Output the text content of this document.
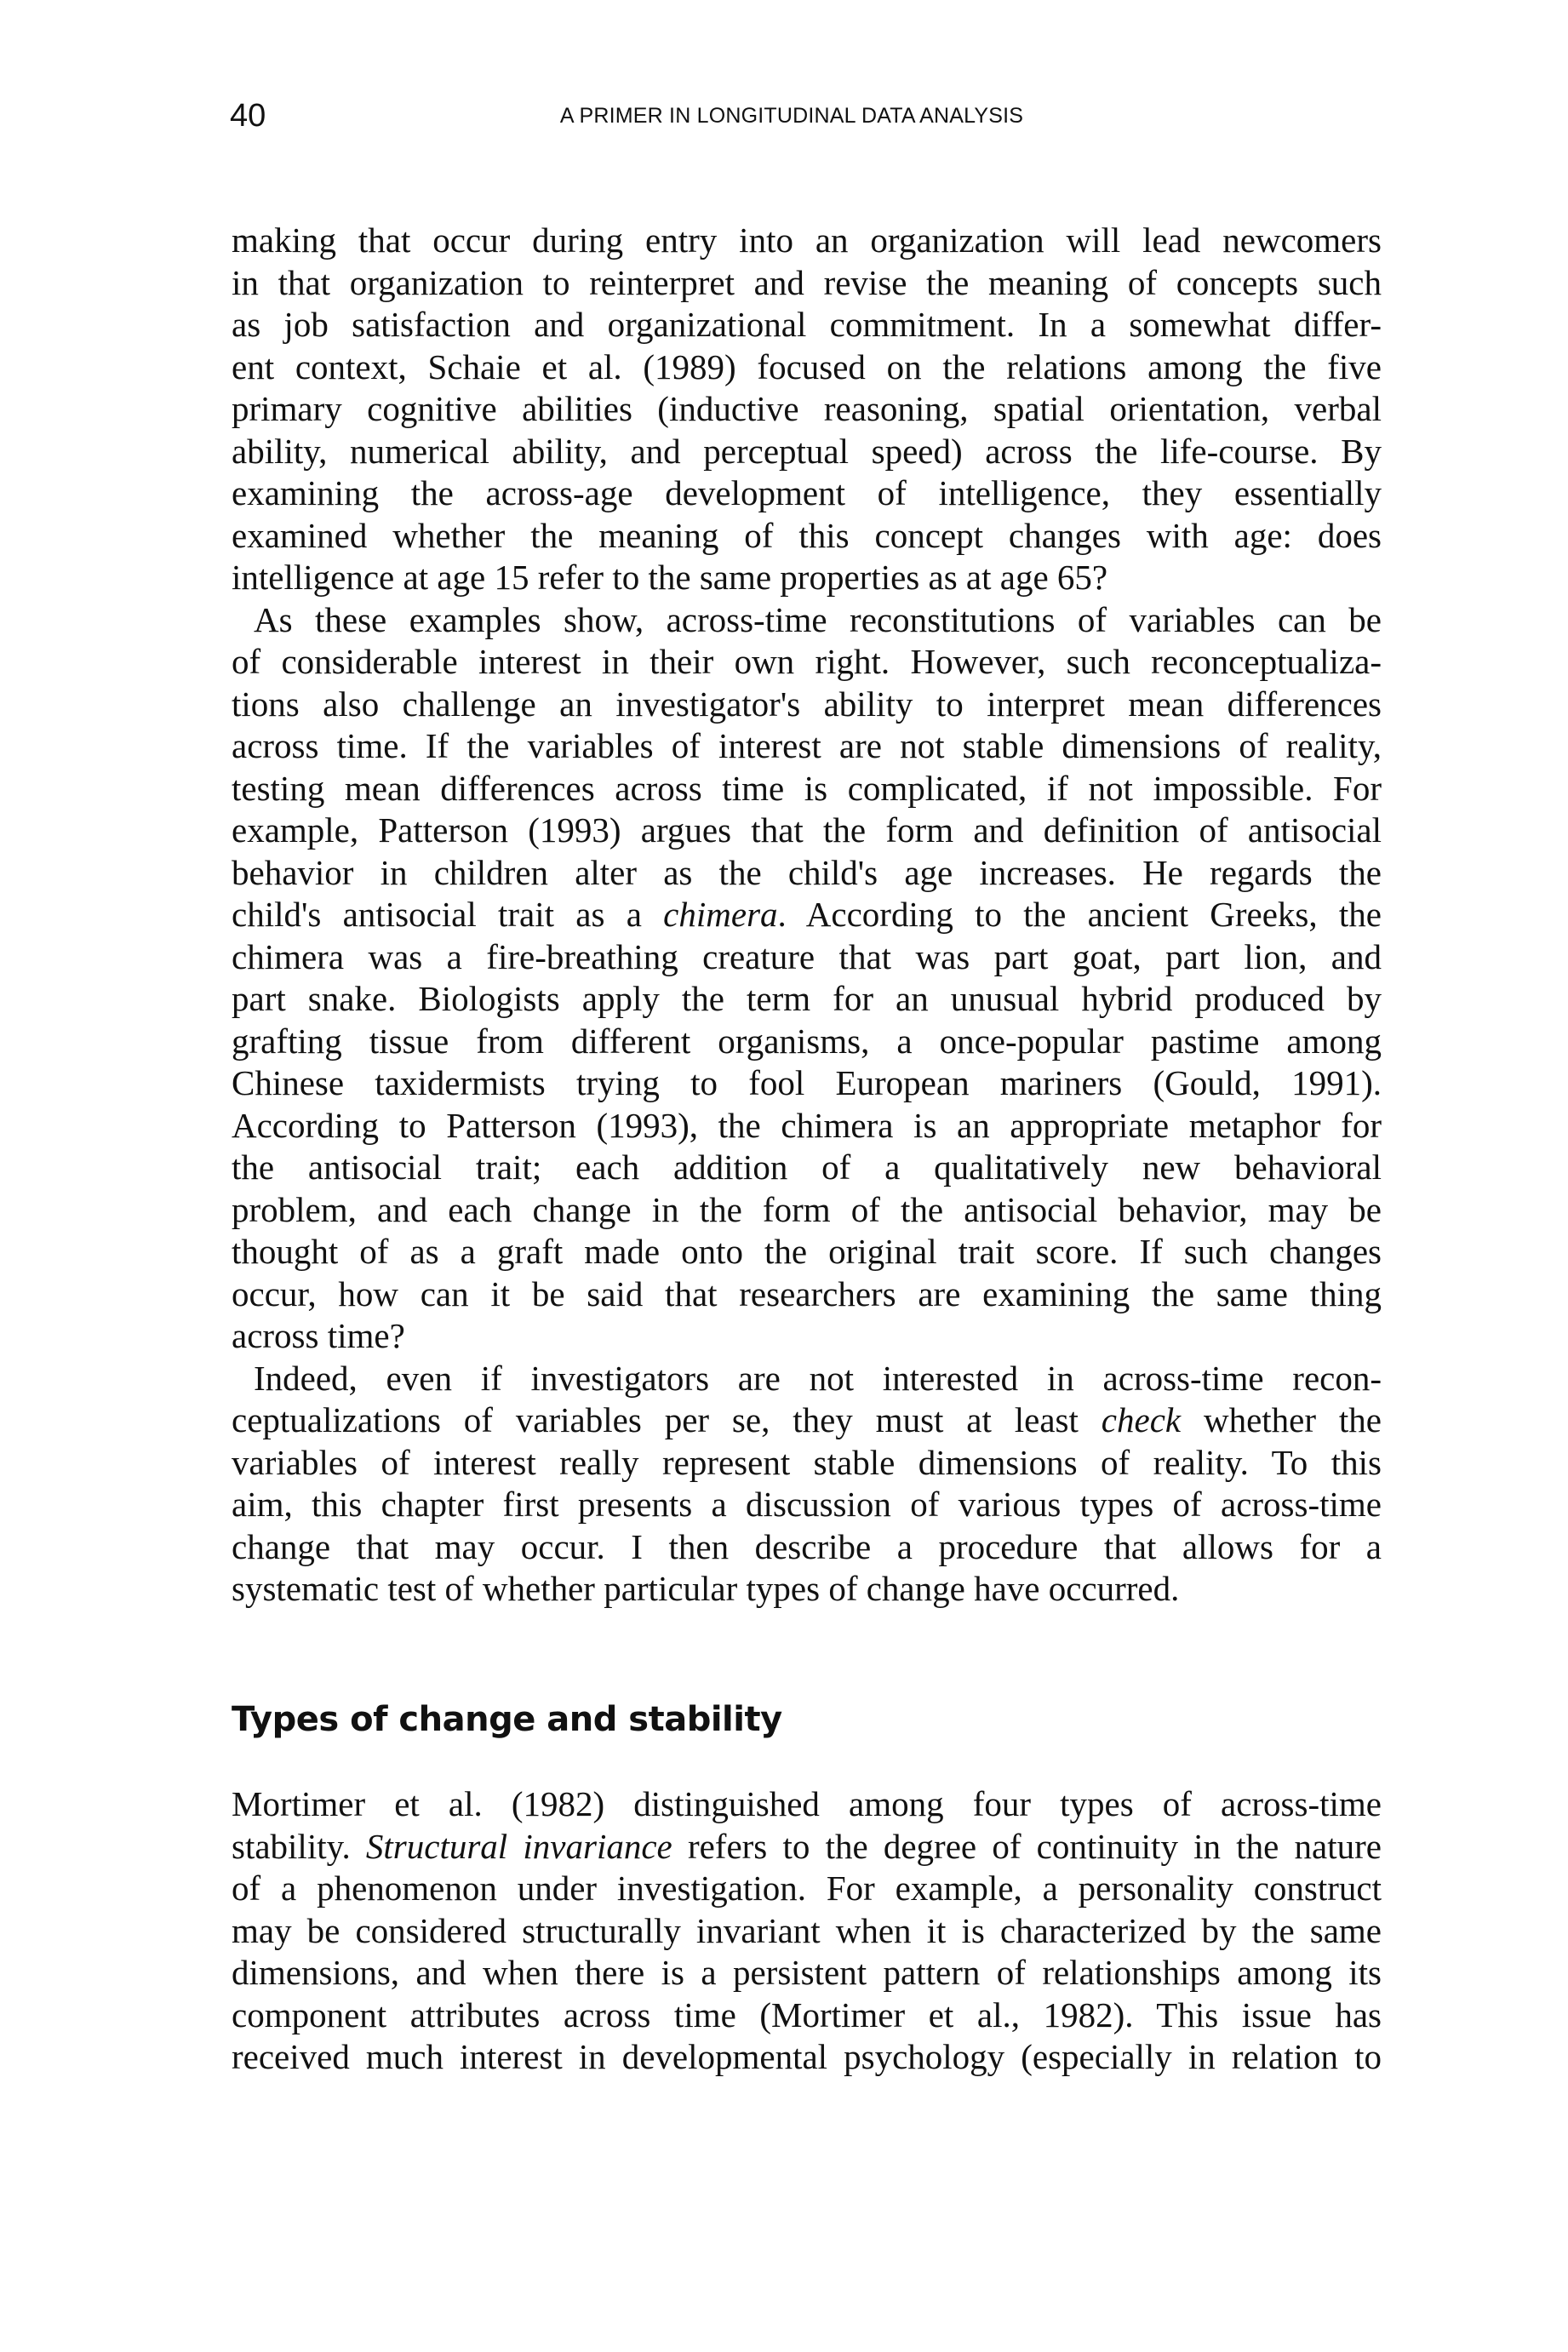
40	A PRIMER IN LONGITUDINAL DATA ANALYSIS
making that occur during entry into an organization will lead newcomers
in that organization to reinterpret and revise the meaning of concepts such
as job satisfaction and organizational commitment. In a somewhat differ-
ent context, Schaie et al. (1989) focused on the relations among the five
primary cognitive abilities (inductive reasoning, spatial orientation, verbal
ability, numerical ability, and perceptual speed) across the life-course. By
examining the across-age development of intelligence, they essentially
examined whether the meaning of this concept changes with age: does
intelligence at age 15 refer to the same properties as at age 65?
As these examples show, across-time reconstitutions of variables can be
of considerable interest in their own right. However, such reconceptualiza-
tions also challenge an investigator's ability to interpret mean differences
across time. If the variables of interest are not stable dimensions of reality,
testing mean differences across time is complicated, if not impossible. For
example, Patterson (1993) argues that the form and definition of antisocial
behavior in children alter as the child's age increases. He regards the
child's antisocial trait as a chimera. According to the ancient Greeks, the
chimera was a fire-breathing creature that was part goat, part lion, and
part snake. Biologists apply the term for an unusual hybrid produced by
grafting tissue from different organisms, a once-popular pastime among
Chinese taxidermists trying to fool European mariners (Gould, 1991).
According to Patterson (1993), the chimera is an appropriate metaphor for
the antisocial trait; each addition of a qualitatively new behavioral
problem, and each change in the form of the antisocial behavior, may be
thought of as a graft made onto the original trait score. If such changes
occur, how can it be said that researchers are examining the same thing
across time?
Indeed, even if investigators are not interested in across-time recon-
ceptualizations of variables per se, they must at least check whether the
variables of interest really represent stable dimensions of reality. To this
aim, this chapter first presents a discussion of various types of across-time
change that may occur. I then describe a procedure that allows for a
systematic test of whether particular types of change have occurred.
Types of change and stability
Mortimer et al. (1982) distinguished among four types of across-time
stability. Structural invariance refers to the degree of continuity in the nature
of a phenomenon under investigation. For example, a personality construct
may be considered structurally invariant when it is characterized by the same
dimensions, and when there is a persistent pattern of relationships among its
component attributes across time (Mortimer et al., 1982). This issue has
received much interest in developmental psychology (especially in relation to
